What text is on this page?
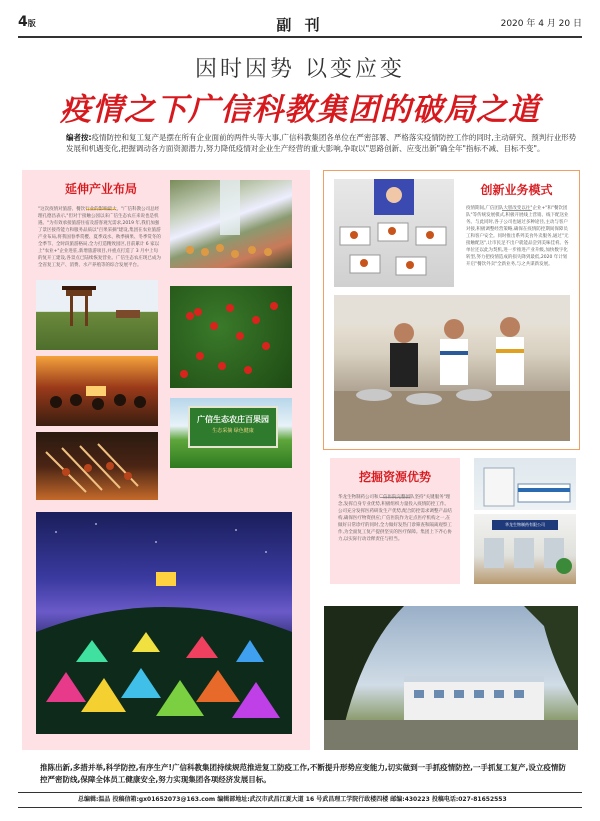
4版	副 刊	2020 年 4 月 20 日
因时因势 以变应变
疫情之下广信科教集团的破局之道
编者按:疫情防控和复工复产是摆在所有企业面前的两件头等大事,广信科教集团各单位在严密部署、严格落实疫情防控工作的同时,主动研究、预判行业形势发展和机遇变化,把握调动各方面资源潜力,努力降低疫情对企业生产经营的重大影响,争取以"思路创新、应变出新"确全年"指标不减、目标不变"。
延伸产业布局
"这次疫情对旅游、餐饮行业的影响最大。"广信科教公司总经理孔德昌表示,"但对于接触公园以来广信生态农庄来说也是机遇。"为有效承接旅游住宿及游客观光需求,2019 年,我们加强了景区接待能力和服务品质以"百果采摘"建设,集团在农业旅游产业布局,将我国春季赏樱、夏季戏水、秋季摘果、冬季赏冬的全季节、全时段旅游格局,全力打造精致园区,目前累计 6 家以上"农业+"企业进驻,新增旅游项目,并重点打造了 3 月中上旬的复开工建设,各景点已陆续恢复营业。广信生态农庄现已成为全省复工复产、消费、水产养殖等的综合发展平台。
广信生态农庄百果园
生态采摘 绿色健康
创新业务模式
疫情期间,广信团队大胆改变以往"企业+"和"餐饮团队"等传统发展模式,积极开展线上营销、线下配送业务。与此同时,各子公司也通过多种途径,主动与客户对接,积极调整经营策略,确保在疫情防控期间保障员工和客户安全。同时推出系列美食外卖服务,通过"无接触配送",让市民足不出户就能品尝到美味佳肴。各单位还以此为契机,进一步推进产业升级,加快数字化转型,努力把疫情造成的损失降到最低,2020 年计划开启"餐饮外卖"全新业务,与之共谋新发展。
挖掘资源优势
华龙生物制药公司和广信医院完整团队坚持"关键服务"理念,发挥自身专业优势,积极组织力量投入疫情防控工作。公司充分发挥医药研发生产优势,配合防控需求调整产品结构,确保医疗物资供应;广信医院作为定点医疗机构之一,在做好日常诊疗的同时,全力做好发热门诊筛查和隔离观察工作,为全面复工复产提供坚实的医疗保障。集团上下齐心协力,以实际行动诠释责任与担当。
华龙生物制药有限公司
推陈出新,多措并举,科学防控,有序生产!广信科教集团持续规范推进复工防疫工作,不断提升形势应变能力,切实做到一手抓疫情防控,一手抓复工复产,设立疫情防控严密防线,保障全体员工健康安全,努力实现集团各项经济发展目标。
总编辑:温品 投稿信箱:gx01652073@163.com 编辑部地址:武汉市武昌江夏大道 16 号武昌理工学院行政楼四楼 邮编:430223 投稿电话:027-81652553
